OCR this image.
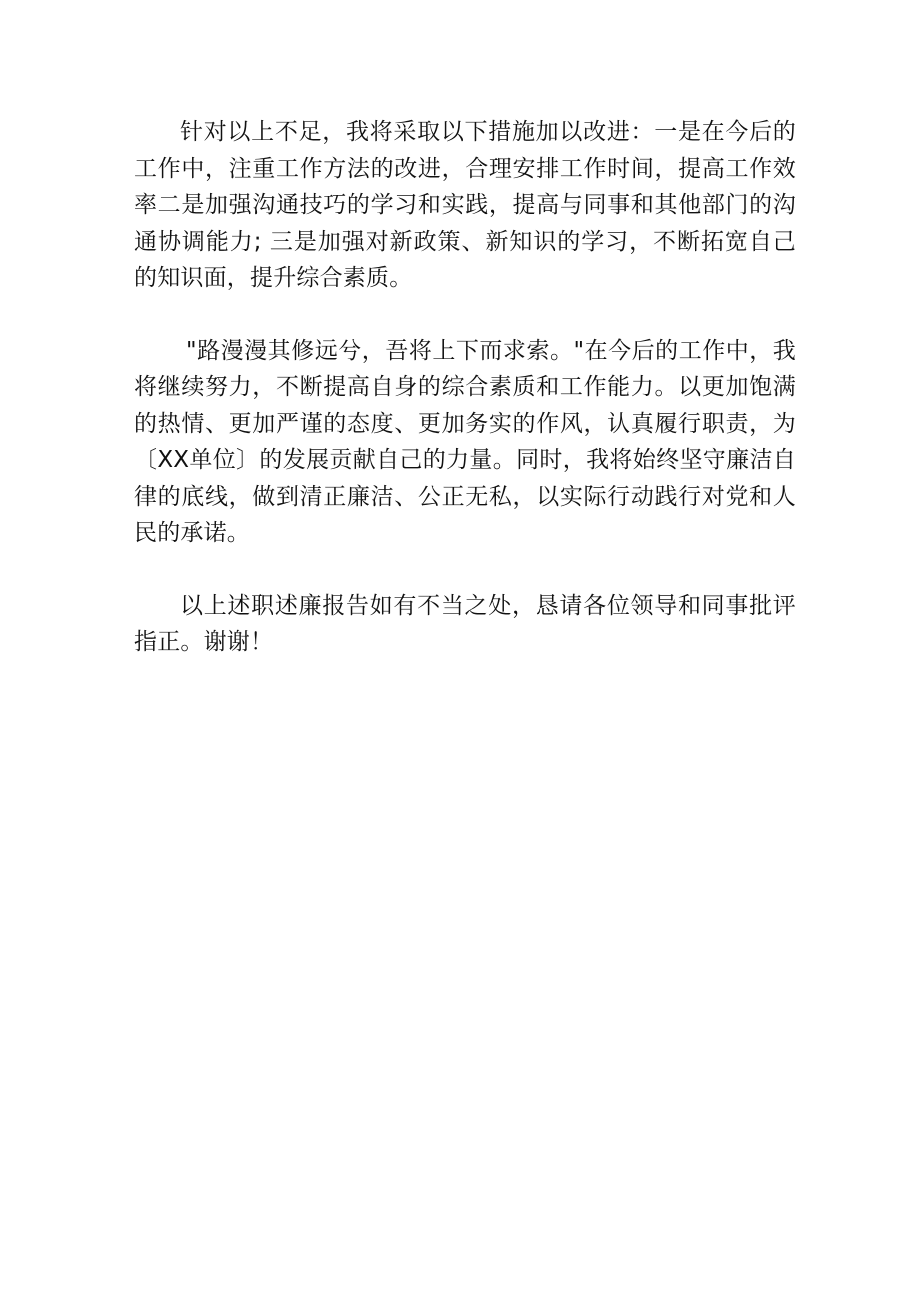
针对以上不足，我将采取以下措施加以改进：一是在今后的工作中，注重工作方法的改进，合理安排工作时间，提高工作效率二是加强沟通技巧的学习和实践，提高与同事和其他部门的沟通协调能力; 三是加强对新政策、新知识的学习，不断拓宽自己的知识面，提升综合素质。

"路漫漫其修远兮，吾将上下而求索。"在今后的工作中，我将继续努力，不断提高自身的综合素质和工作能力。以更加饱满的热情、更加严谨的态度、更加务实的作风，认真履行职责，为〔XX单位〕的发展贡献自己的力量。同时，我将始终坚守廉洁自律的底线，做到清正廉洁、公正无私，以实际行动践行对党和人民的承诺。

以上述职述廉报告如有不当之处，恳请各位领导和同事批评指正。谢谢！
